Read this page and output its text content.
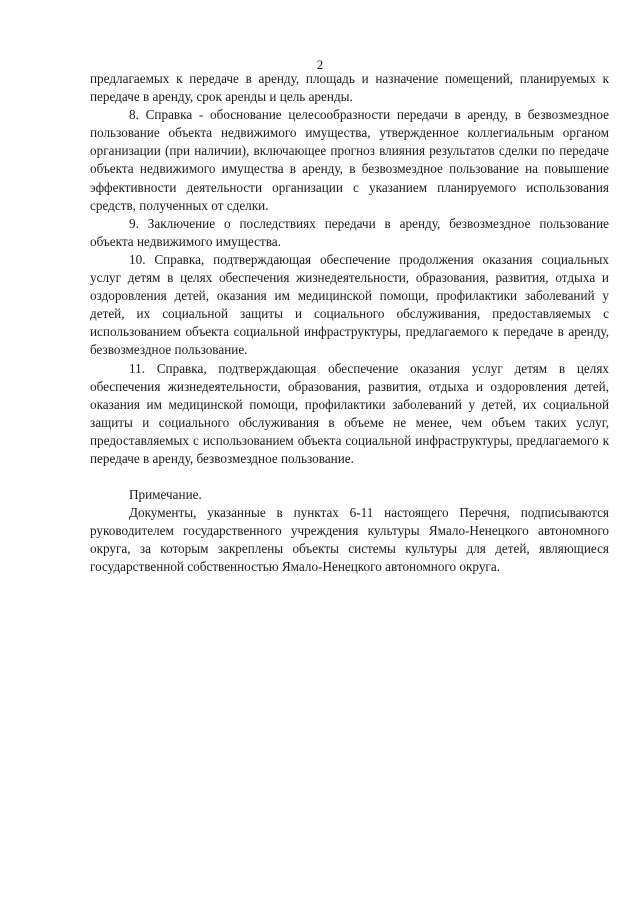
2

предлагаемых к передаче в аренду, площадь и назначение помещений, планируемых к передаче в аренду, срок аренды и цель аренды.

8. Справка - обоснование целесообразности передачи в аренду, в безвозмездное пользование объекта недвижимого имущества, утвержденное коллегиальным органом организации (при наличии), включающее прогноз влияния результатов сделки по передаче объекта недвижимого имущества в аренду, в безвозмездное пользование на повышение эффективности деятельности организации с указанием планируемого использования средств, полученных от сделки.

9. Заключение о последствиях передачи в аренду, безвозмездное пользование объекта недвижимого имущества.

10. Справка, подтверждающая обеспечение продолжения оказания социальных услуг детям в целях обеспечения жизнедеятельности, образования, развития, отдыха и оздоровления детей, оказания им медицинской помощи, профилактики заболеваний у детей, их социальной защиты и социального обслуживания, предоставляемых с использованием объекта социальной инфраструктуры, предлагаемого к передаче в аренду, безвозмездное пользование.

11. Справка, подтверждающая обеспечение оказания услуг детям в целях обеспечения жизнедеятельности, образования, развития, отдыха и оздоровления детей, оказания им медицинской помощи, профилактики заболеваний у детей, их социальной защиты и социального обслуживания в объеме не менее, чем объем таких услуг, предоставляемых с использованием объекта социальной инфраструктуры, предлагаемого к передаче в аренду, безвозмездное пользование.

Примечание.

Документы, указанные в пунктах 6-11 настоящего Перечня, подписываются руководителем государственного учреждения культуры Ямало-Ненецкого автономного округа, за которым закреплены объекты системы культуры для детей, являющиеся государственной собственностью Ямало-Ненецкого автономного округа.
